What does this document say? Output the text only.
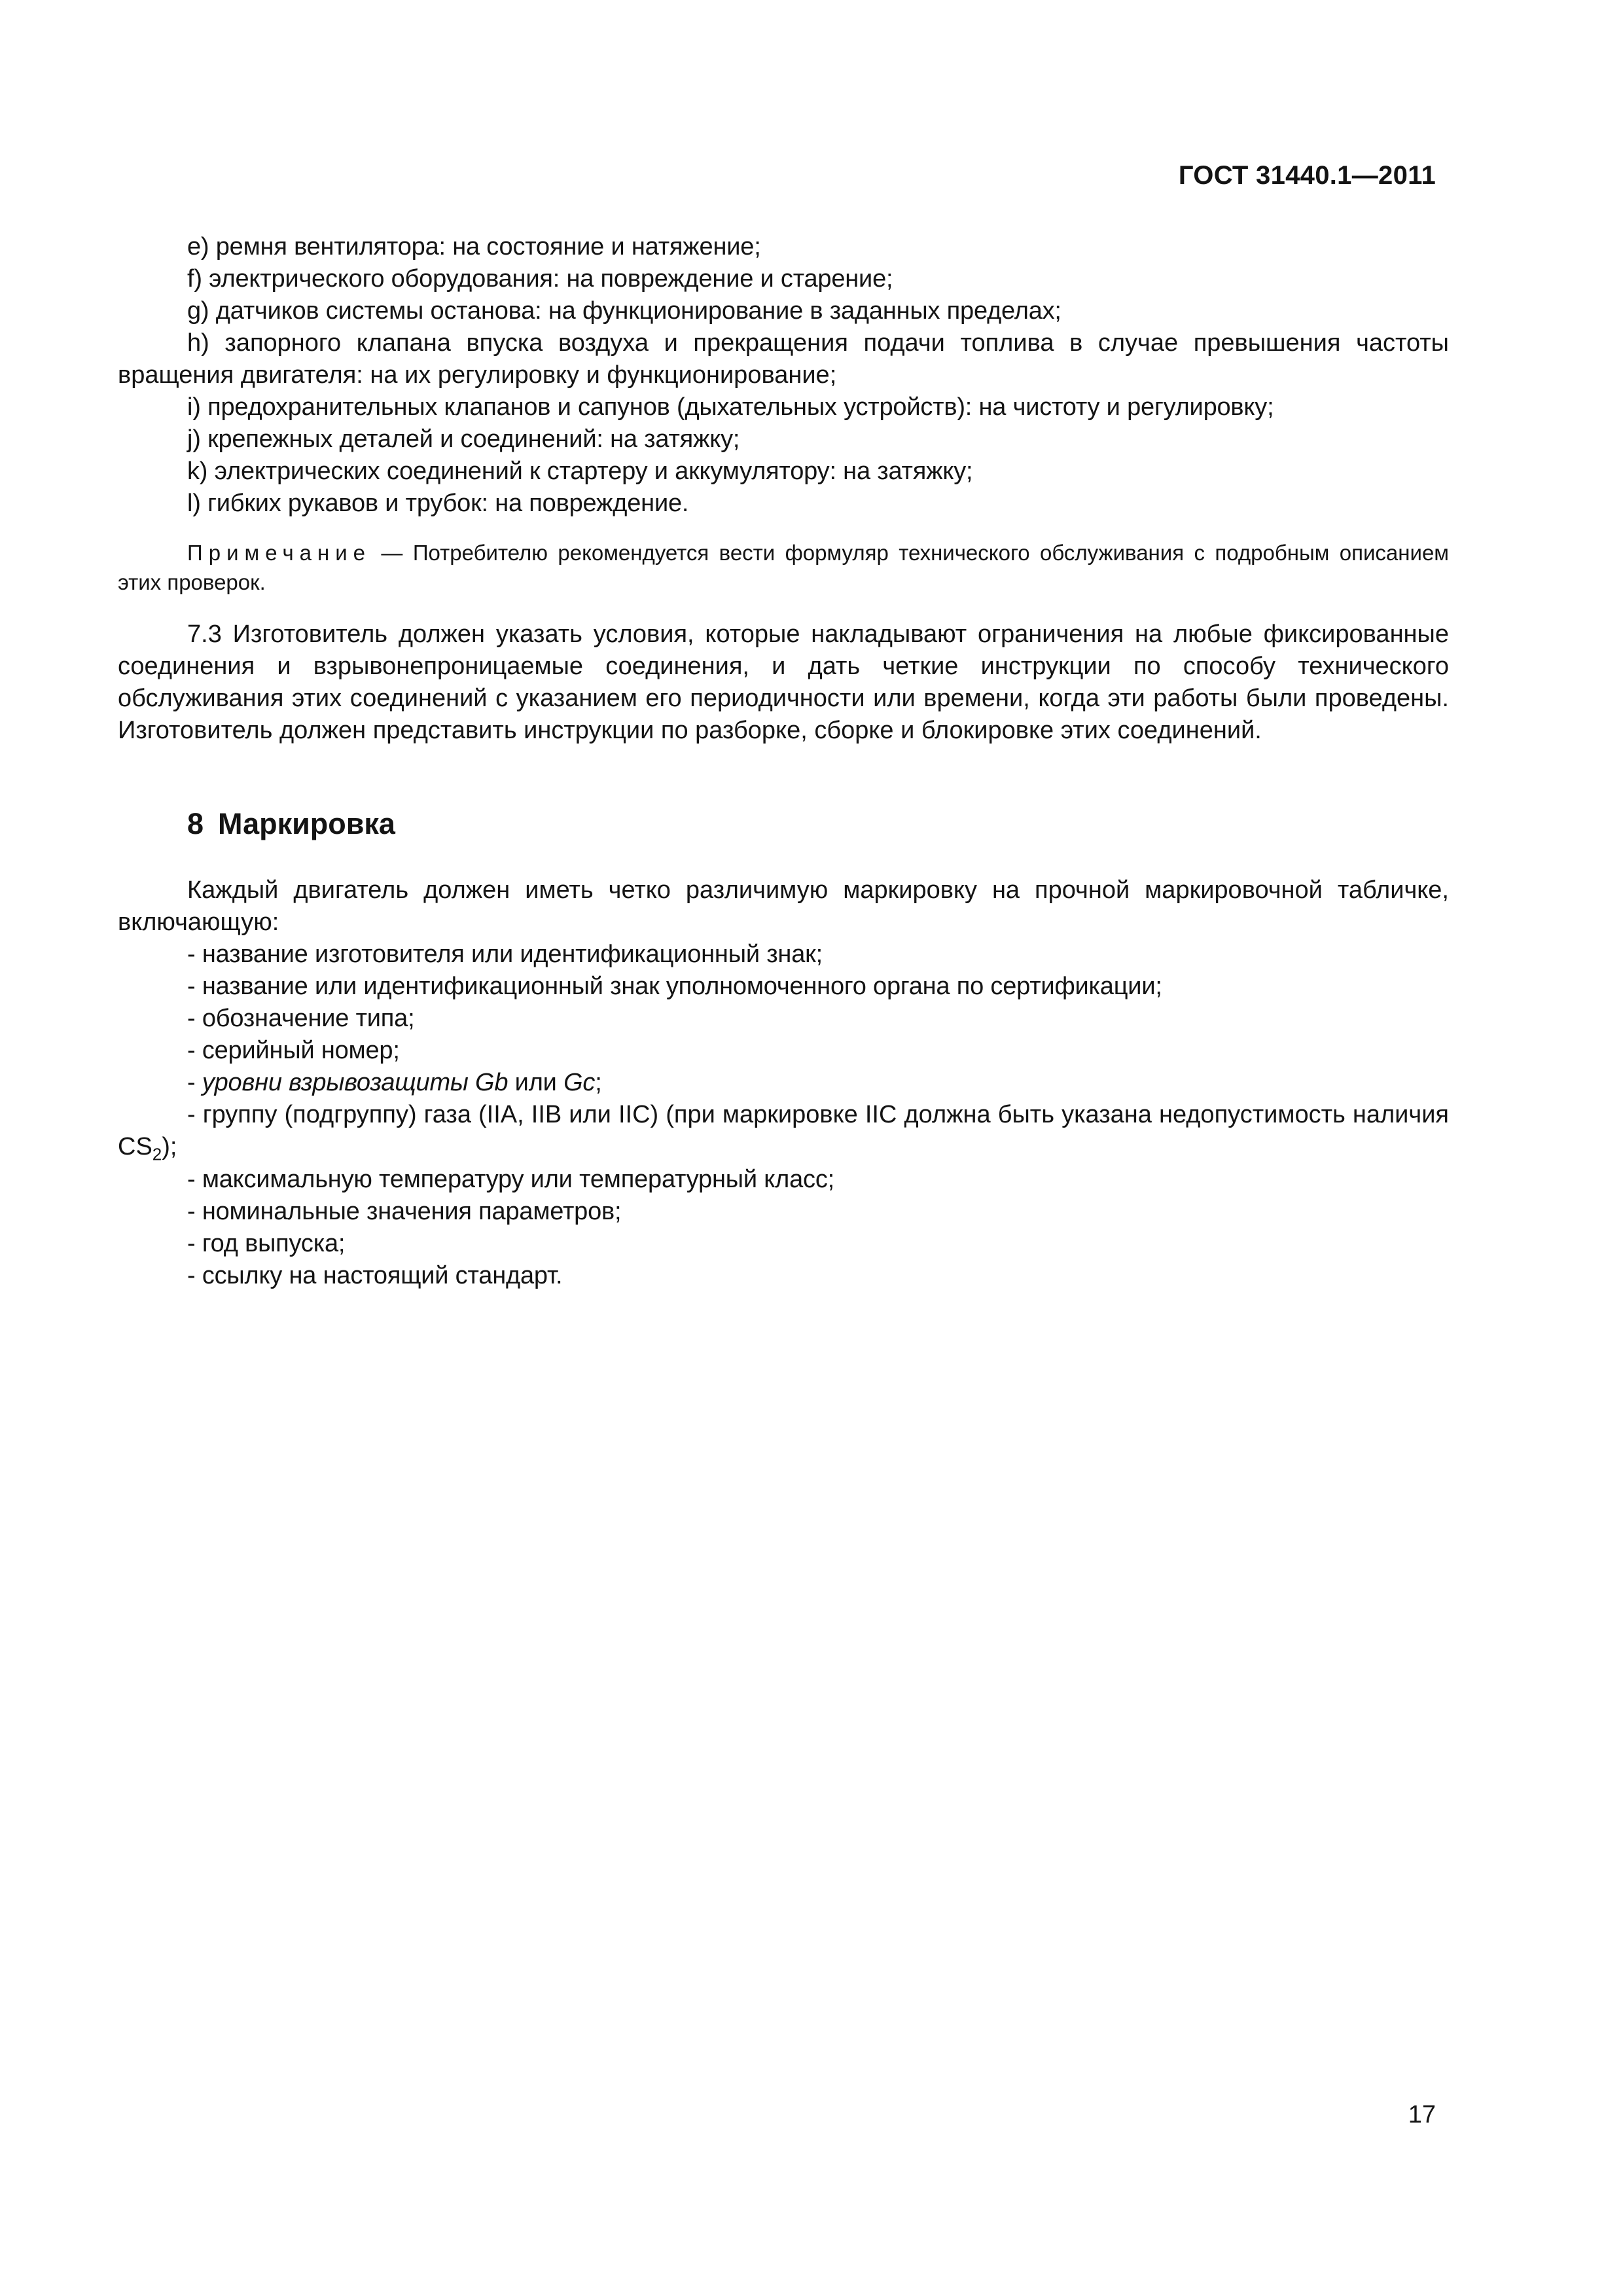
ГОСТ 31440.1—2011
e) ремня вентилятора: на состояние и натяжение;
f) электрического оборудования: на повреждение и старение;
g) датчиков системы останова: на функционирование в заданных пределах;
h) запорного клапана впуска воздуха и прекращения подачи топлива в случае превышения частоты вращения двигателя: на их регулировку и функционирование;
i) предохранительных клапанов и сапунов (дыхательных устройств): на чистоту и регулировку;
j) крепежных деталей и соединений: на затяжку;
k) электрических соединений к стартеру и аккумулятору: на затяжку;
l) гибких рукавов и трубок: на повреждение.
Примечание — Потребителю рекомендуется вести формуляр технического обслуживания с подробным описанием этих проверок.
7.3 Изготовитель должен указать условия, которые накладывают ограничения на любые фиксированные соединения и взрывонепроницаемые соединения, и дать четкие инструкции по способу технического обслуживания этих соединений с указанием его периодичности или времени, когда эти работы были проведены. Изготовитель должен представить инструкции по разборке, сборке и блокировке этих соединений.
8 Маркировка
Каждый двигатель должен иметь четко различимую маркировку на прочной маркировочной табличке, включающую:
- название изготовителя или идентификационный знак;
- название или идентификационный знак уполномоченного органа по сертификации;
- обозначение типа;
- серийный номер;
- уровни взрывозащиты Gb или Gc;
- группу (подгруппу) газа (IIA, IIB или IIC) (при маркировке IIC должна быть указана недопустимость наличия $CS_2$);
- максимальную температуру или температурный класс;
- номинальные значения параметров;
- год выпуска;
- ссылку на настоящий стандарт.
17
